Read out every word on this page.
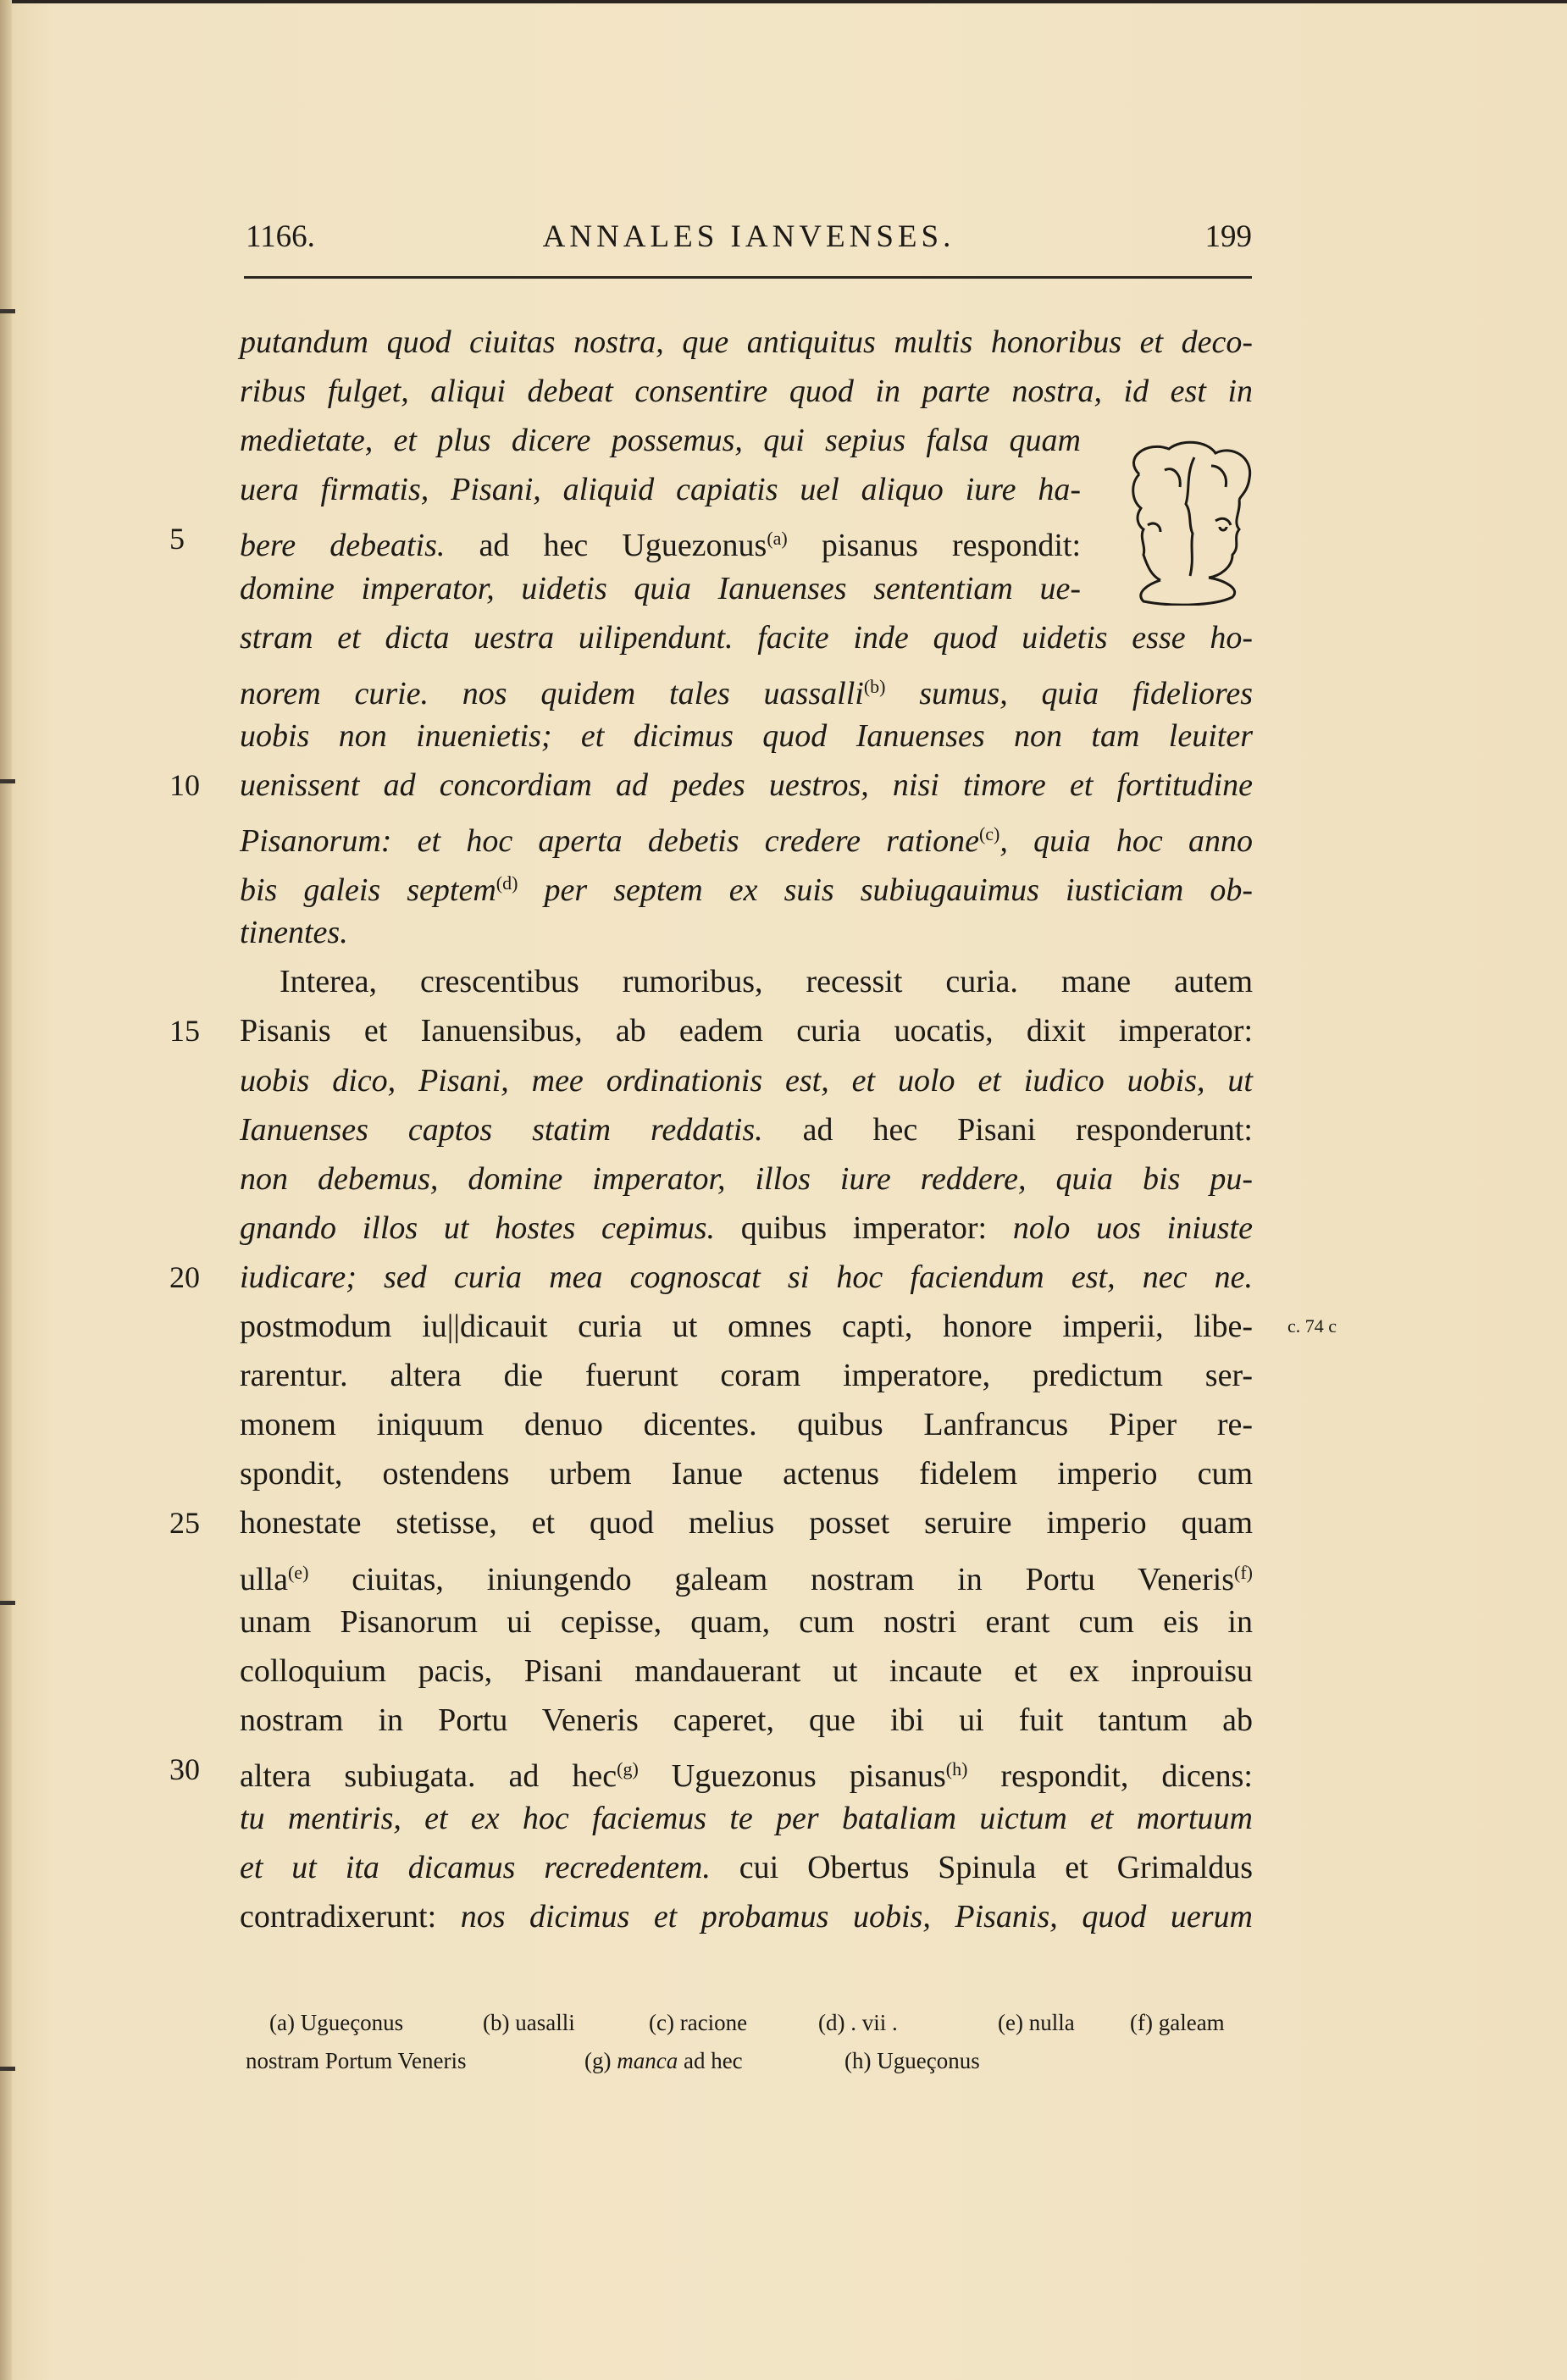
ANNALES IANVENSES.
1166.	199
putandum quod ciuitas nostra, que antiquitus multis honoribus et deco-
ribus fulget, aliqui debeat consentire quod in parte nostra, id est in
medietate, et plus dicere possemus, qui sepius falsa quam
uera firmatis, Pisani, aliquid capiatis uel aliquo iure ha-
bere debeatis. ad hec Uguezonus$^{(a)}$ pisanus respondit:
domine imperator, uidetis quia Ianuenses sententiam ue-
stram et dicta uestra uilipendunt. facite inde quod uidetis esse ho-
norem curie. nos quidem tales uassalli$^{(b)}$ sumus, quia fideliores
uobis non inuenietis; et dicimus quod Ianuenses non tam leuiter
uenissent ad concordiam ad pedes uestros, nisi timore et fortitudine
Pisanorum: et hoc aperta debetis credere ratione$^{(c)}$, quia hoc anno
bis galeis septem$^{(d)}$ per septem ex suis subiugauimus iusticiam ob-
tinentes.
Interea, crescentibus rumoribus, recessit curia. mane autem
Pisanis et Ianuensibus, ab eadem curia uocatis, dixit imperator:
uobis dico, Pisani, mee ordinationis est, et uolo et iudico uobis, ut
Ianuenses captos statim reddatis. ad hec Pisani responderunt:
non debemus, domine imperator, illos iure reddere, quia bis pu-
gnando illos ut hostes cepimus. quibus imperator: nolo uos iniuste
iudicare; sed curia mea cognoscat si hoc faciendum est, nec ne.
postmodum iu||dicauit curia ut omnes capti, honore imperii, libe-
rarentur. altera die fuerunt coram imperatore, predictum ser-
monem iniquum denuo dicentes. quibus Lanfrancus Piper re-
spondit, ostendens urbem Ianue actenus fidelem imperio cum
honestate stetisse, et quod melius posset seruire imperio quam
ulla$^{(e)}$ ciuitas, iniungendo galeam nostram in Portu Veneris$^{(f)}$
unam Pisanorum ui cepisse, quam, cum nostri erant cum eis in
colloquium pacis, Pisani mandauerant ut incaute et ex inprouisu
nostram in Portu Veneris caperet, que ibi ui fuit tantum ab
altera subiugata. ad hec$^{(g)}$ Uguezonus pisanus$^{(h)}$ respondit, dicens:
tu mentiris, et ex hoc faciemus te per bataliam uictum et mortuum
et ut ita dicamus recredentem. cui Obertus Spinula et Grimaldus
contradixerunt: nos dicimus et probamus uobis, Pisanis, quod uerum
5
10
15
20
25
30
c. 74 c
(a) Ugueçonus	(b) uasalli	(c) racione	(d) . vii .	(e) nulla (f) galeam
nostram Portum Veneris	(g) manca ad hec	(h) Ugueçonus
